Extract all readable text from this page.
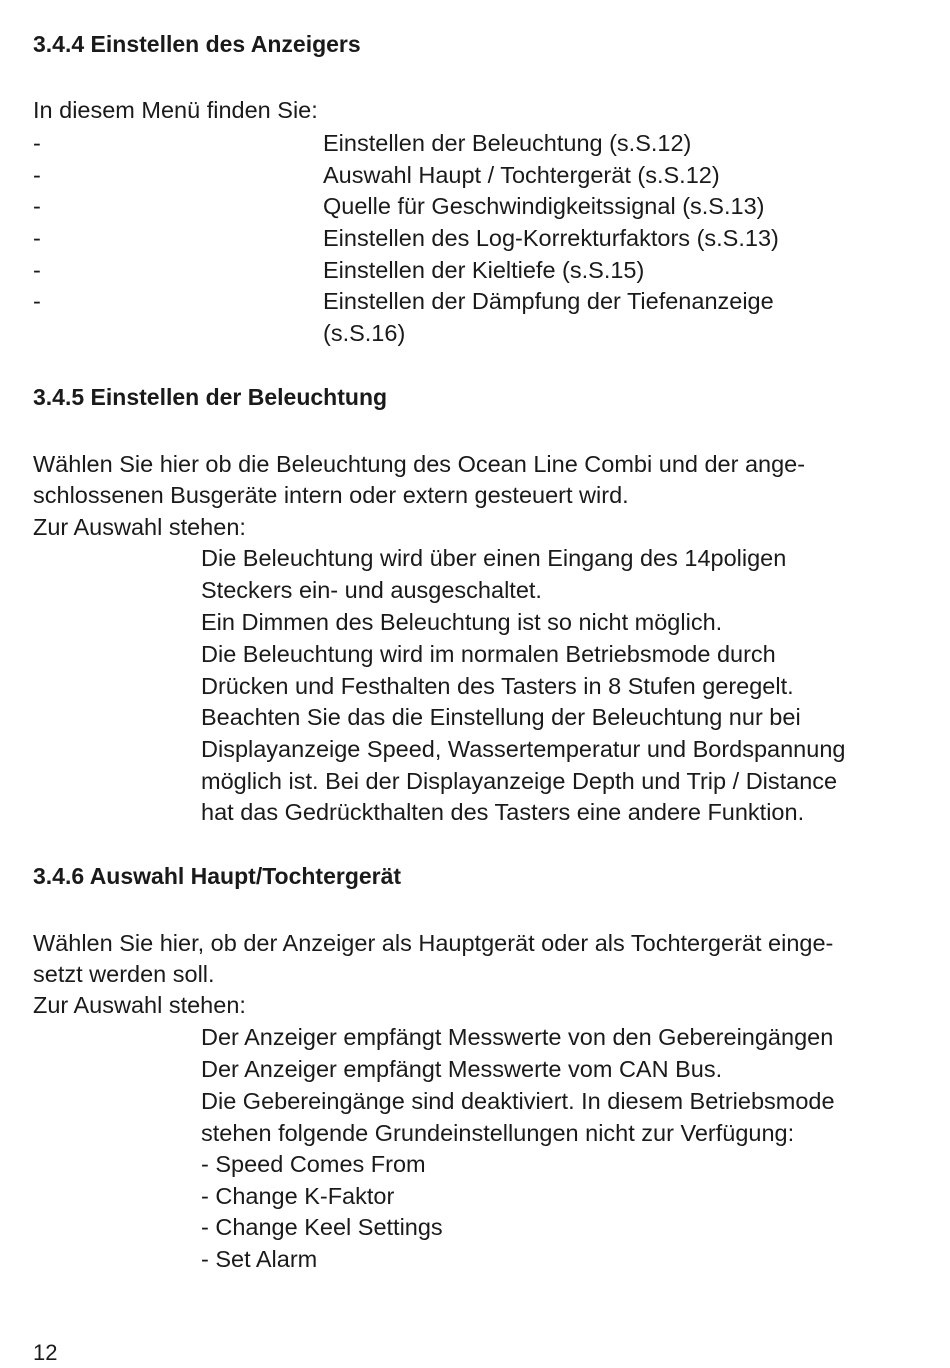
3.4.4 Einstellen des Anzeigers
In diesem Menü finden Sie:
-	Einstellen der Beleuchtung (s.S.12)
-	Auswahl Haupt / Tochtergerät (s.S.12)
-	Quelle für Geschwindigkeitssignal (s.S.13)
-	Einstellen des Log-Korrekturfaktors (s.S.13)
-	Einstellen der Kieltiefe (s.S.15)
-	Einstellen der Dämpfung der Tiefenanzeige
(s.S.16)
3.4.5 Einstellen der Beleuchtung
Wählen Sie hier ob die Beleuchtung des Ocean Line Combi und der ange-
schlossenen Busgeräte intern oder extern gesteuert wird.
Zur Auswahl stehen:
Die Beleuchtung wird über einen Eingang des 14poligen
Steckers ein- und ausgeschaltet.
Ein Dimmen des Beleuchtung ist so nicht möglich.
Die Beleuchtung wird im normalen Betriebsmode durch
Drücken und Festhalten des Tasters in 8 Stufen geregelt.
Beachten Sie das die Einstellung der Beleuchtung nur bei
Displayanzeige Speed, Wassertemperatur und Bordspannung
möglich ist. Bei der Displayanzeige Depth und Trip / Distance
hat das Gedrückthalten des Tasters eine andere Funktion.
3.4.6 Auswahl Haupt/Tochtergerät
Wählen Sie hier, ob der Anzeiger als Hauptgerät oder als Tochtergerät einge-
setzt werden soll.
Zur Auswahl stehen:
Der Anzeiger empfängt Messwerte von den Gebereingängen
Der Anzeiger empfängt Messwerte vom CAN Bus.
Die Gebereingänge sind deaktiviert. In diesem Betriebsmode
stehen folgende Grundeinstellungen nicht zur Verfügung:
- Speed Comes From
- Change K-Faktor
- Change Keel Settings
- Set Alarm
12
